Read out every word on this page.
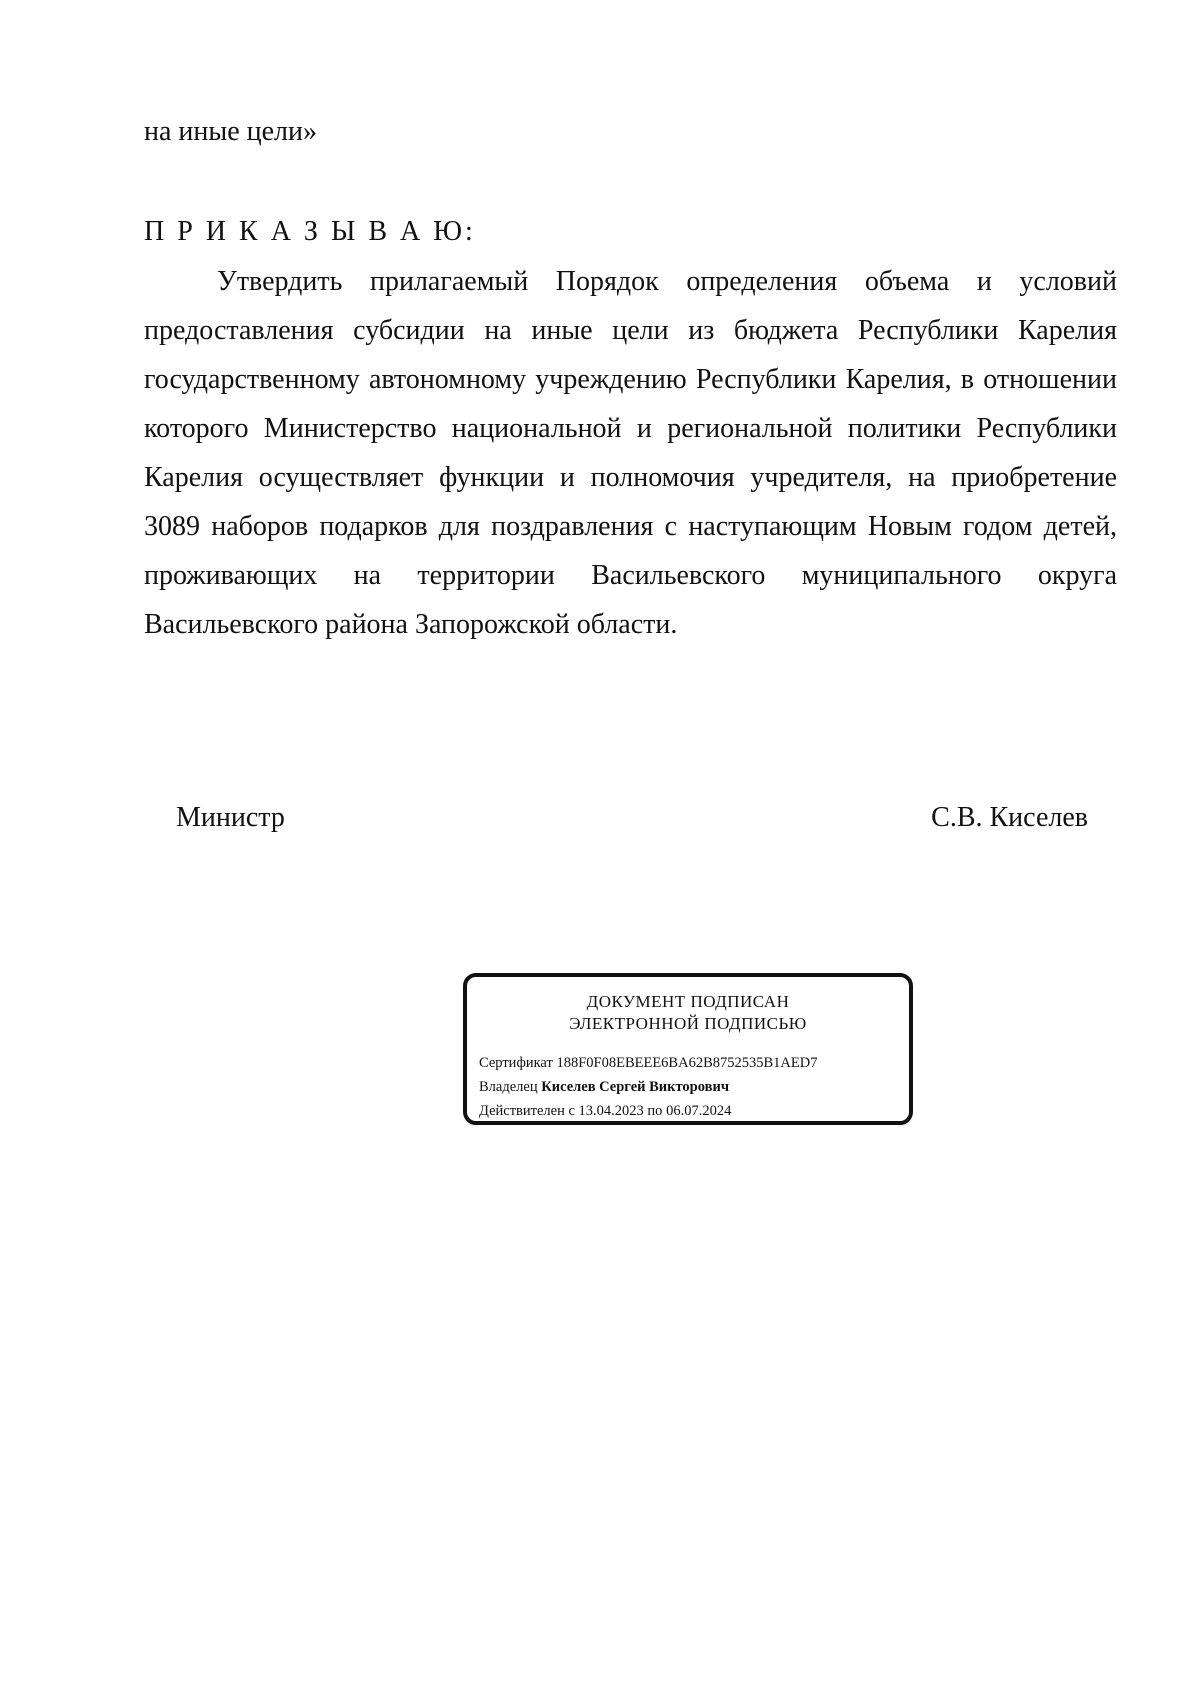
на иные цели»
П Р И К А З Ы В А Ю:

Утвердить прилагаемый Порядок определения объема и условий предоставления субсидии на иные цели из бюджета Республики Карелия государственному автономному учреждению Республики Карелия, в отношении которого Министерство национальной и региональной политики Республики Карелия осуществляет функции и полномочия учредителя, на приобретение 3089 наборов подарков для поздравления с наступающим Новым годом детей, проживающих на территории Васильевского муниципального округа Васильевского района Запорожской области.

Министр	С.В. Киселев
ДОКУМЕНТ ПОДПИСАН
ЭЛЕКТРОННОЙ ПОДПИСЬЮ
Сертификат 188F0F08EBEEE6BA62B8752535B1AED7
Владелец Киселев Сергей Викторович
Действителен с 13.04.2023 по 06.07.2024
